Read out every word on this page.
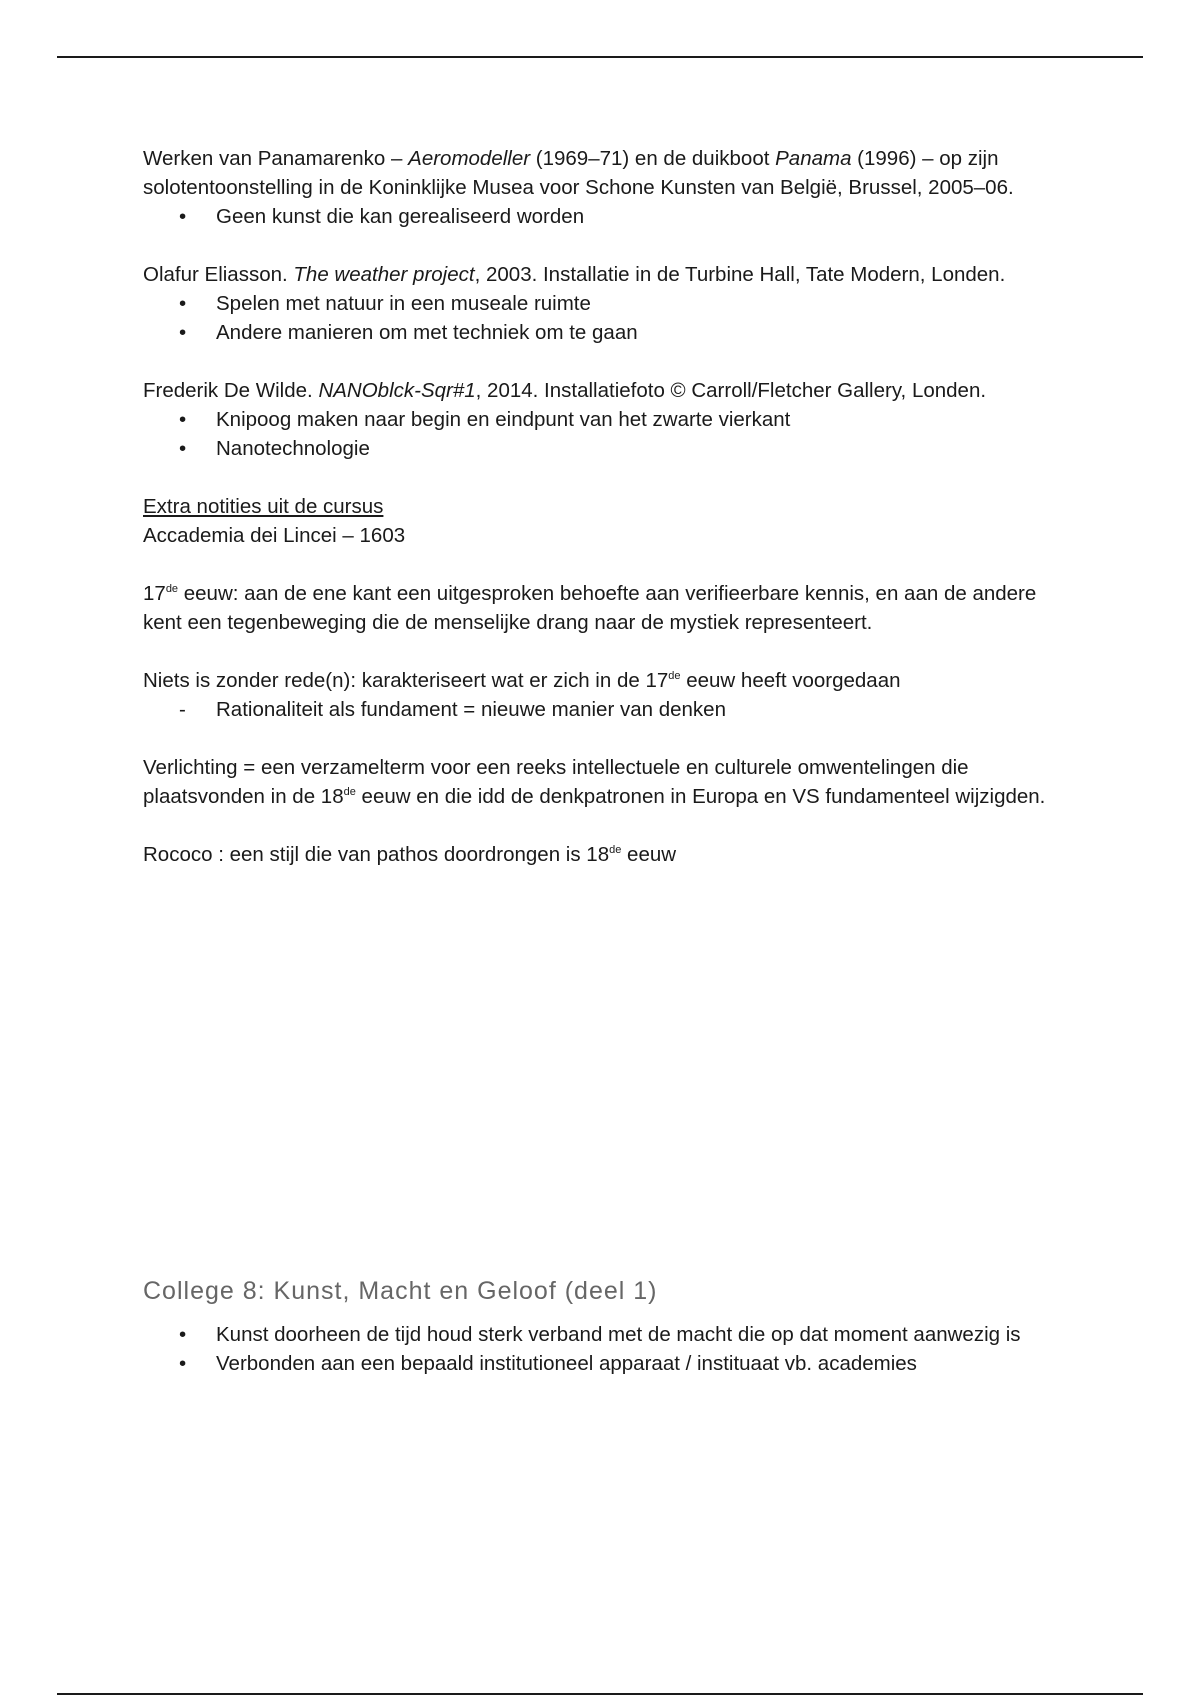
Werken van Panamarenko – Aeromodeller (1969–71) en de duikboot Panama (1996) – op zijn solotentoonstelling in de Koninklijke Musea voor Schone Kunsten van België, Brussel, 2005–06.

• Geen kunst die kan gerealiseerd worden

Olafur Eliasson. The weather project, 2003. Installatie in de Turbine Hall, Tate Modern, Londen.

• Spelen met natuur in een museale ruimte
• Andere manieren om met techniek om te gaan

Frederik De Wilde. NANOblck-Sqr#1, 2014. Installatiefoto © Carroll/Fletcher Gallery, Londen.

• Knipoog maken naar begin en eindpunt van het zwarte vierkant
• Nanotechnologie

Extra notities uit de cursus

Accademia dei Lincei – 1603

17de eeuw: aan de ene kant een uitgesproken behoefte aan verifieerbare kennis, en aan de andere kent een tegenbeweging die de menselijke drang naar de mystiek representeert.

Niets is zonder rede(n): karakteriseert wat er zich in de 17de eeuw heeft voorgedaan

- Rationaliteit als fundament = nieuwe manier van denken

Verlichting = een verzamelterm voor een reeks intellectuele en culturele omwentelingen die plaatsvonden in de 18de eeuw en die idd de denkpatronen in Europa en VS fundamenteel wijzigden.

Rococo : een stijl die van pathos doordrongen is 18de eeuw

College 8: Kunst, Macht en Geloof (deel 1)
• Kunst doorheen de tijd houd sterk verband met de macht die op dat moment aanwezig is
• Verbonden aan een bepaald institutioneel apparaat / instituaat vb. academies
